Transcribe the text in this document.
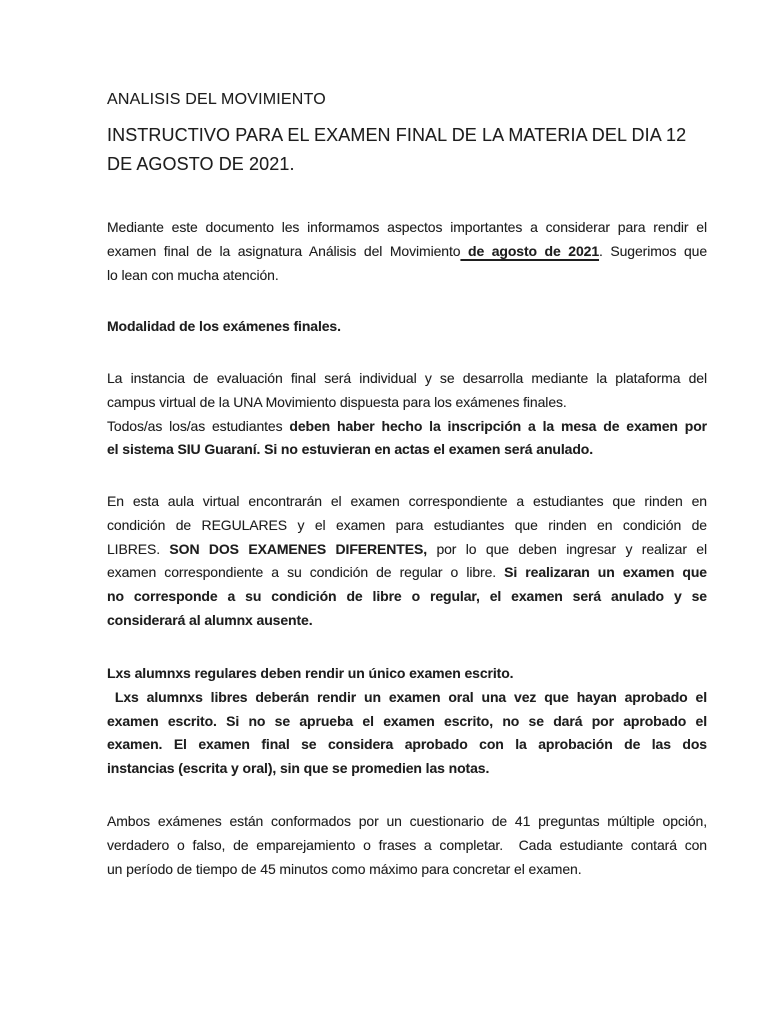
ANALISIS DEL MOVIMIENTO
INSTRUCTIVO PARA EL EXAMEN FINAL DE LA MATERIA DEL DIA 12
DE AGOSTO DE 2021.
Mediante este documento les informamos aspectos importantes a considerar para rendir el
examen final de la asignatura Análisis del Movimiento de agosto de 2021. Sugerimos que
lo lean con mucha atención.
Modalidad de los exámenes finales.
La instancia de evaluación final será individual y se desarrolla mediante la plataforma del
campus virtual de la UNA Movimiento dispuesta para los exámenes finales.
Todos/as los/as estudiantes deben haber hecho la inscripción a la mesa de examen por
el sistema SIU Guaraní. Si no estuvieran en actas el examen será anulado.
En esta aula virtual encontrarán el examen correspondiente a estudiantes que rinden en
condición de REGULARES y el examen para estudiantes que rinden en condición de
LIBRES. SON DOS EXAMENES DIFERENTES, por lo que deben ingresar y realizar el
examen correspondiente a su condición de regular o libre. Si realizaran un examen que
no corresponde a su condición de libre o regular, el examen será anulado y se
considerará al alumnx ausente.
Lxs alumnxs regulares deben rendir un único examen escrito.
Lxs alumnxs libres deberán rendir un examen oral una vez que hayan aprobado el
examen escrito. Si no se aprueba el examen escrito, no se dará por aprobado el
examen. El examen final se considera aprobado con la aprobación de las dos
instancias (escrita y oral), sin que se promedien las notas.
Ambos exámenes están conformados por un cuestionario de 41 preguntas múltiple opción,
verdadero o falso, de emparejamiento o frases a completar.  Cada estudiante contará con
un período de tiempo de 45 minutos como máximo para concretar el examen.
